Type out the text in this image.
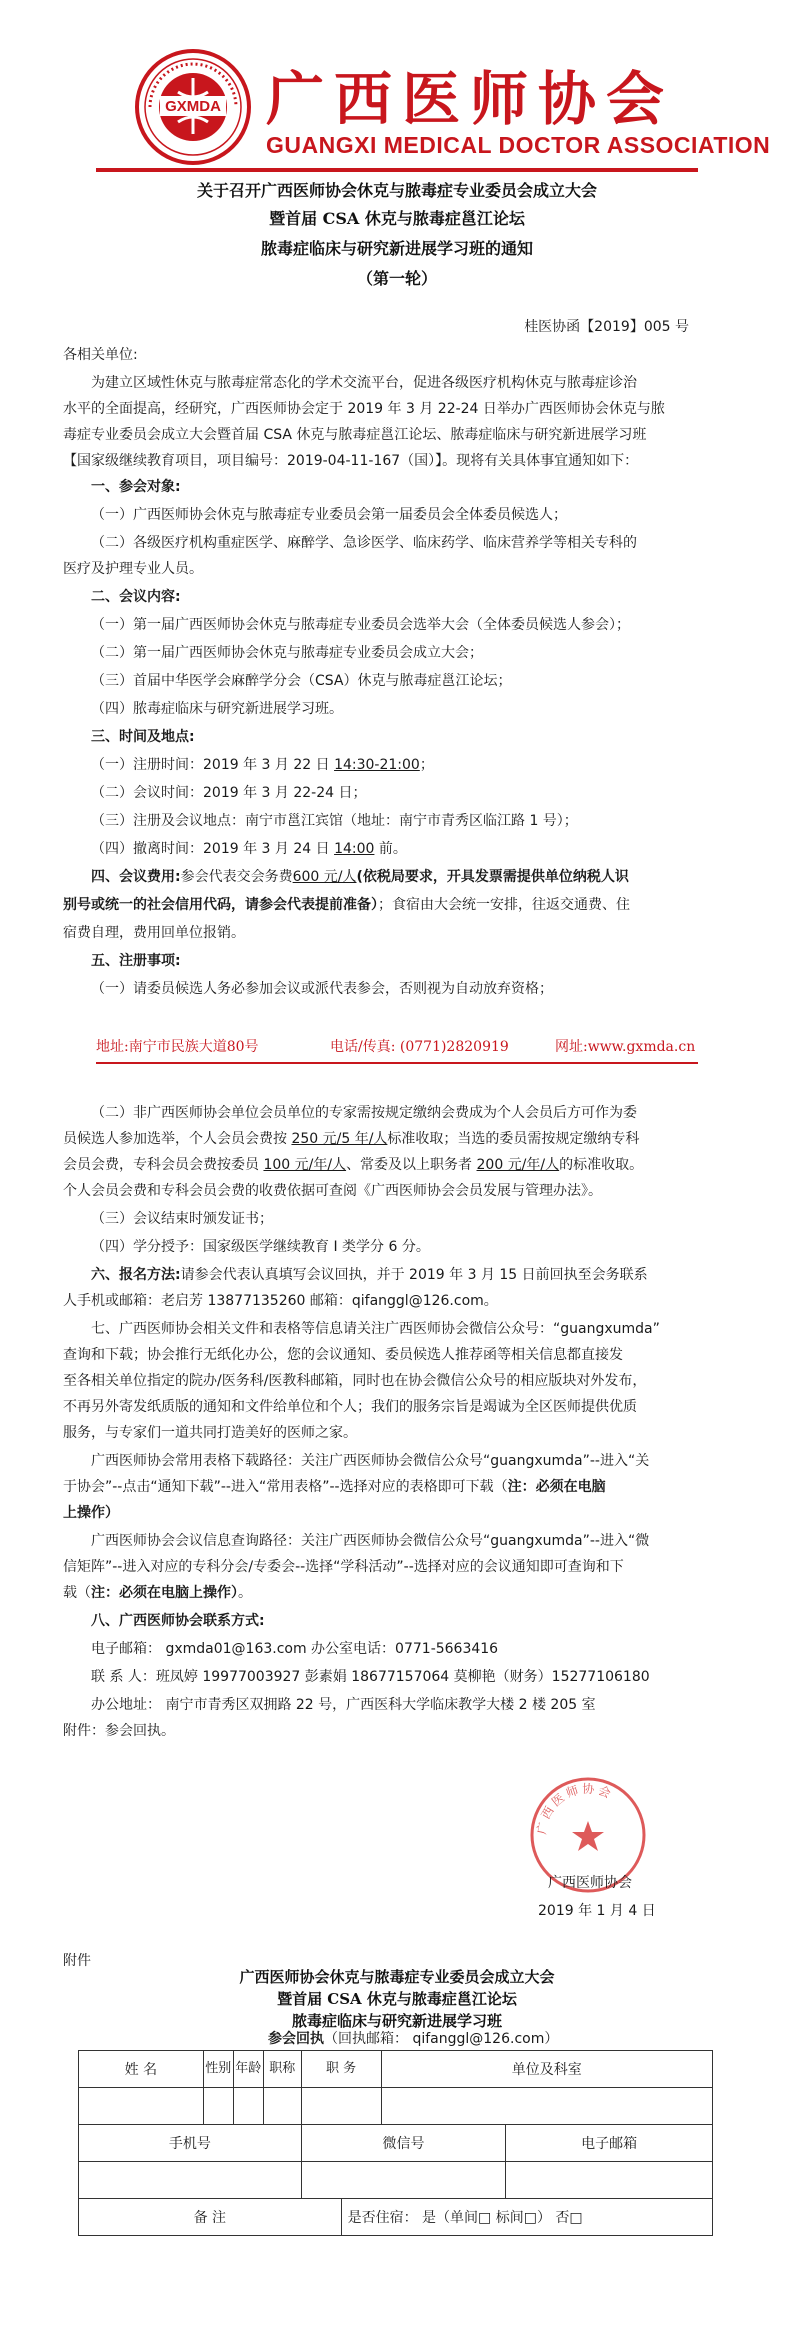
GXMDA 广西医师协会
GUANGXI MEDICAL DOCTOR ASSOCIATION
关于召开广西医师协会休克与脓毒症专业委员会成立大会
暨首届 CSA 休克与脓毒症邕江论坛
脓毒症临床与研究新进展学习班的通知
（第一轮）
桂医协函【2019】005 号
各相关单位:
为建立区域性休克与脓毒症常态化的学术交流平台，促进各级医疗机构休克与脓毒症诊治
水平的全面提高，经研究，广西医师协会定于 2019 年 3 月 22-24 日举办广西医师协会休克与脓
毒症专业委员会成立大会暨首届 CSA 休克与脓毒症邕江论坛、脓毒症临床与研究新进展学习班
【国家级继续教育项目，项目编号：2019-04-11-167（国）】。现将有关具体事宜通知如下：
一、参会对象:
（一）广西医师协会休克与脓毒症专业委员会第一届委员会全体委员候选人；
（二）各级医疗机构重症医学、麻醉学、急诊医学、临床药学、临床营养学等相关专科的
医疗及护理专业人员。
二、会议内容:
（一）第一届广西医师协会休克与脓毒症专业委员会选举大会（全体委员候选人参会）；
（二）第一届广西医师协会休克与脓毒症专业委员会成立大会；
（三）首届中华医学会麻醉学分会（CSA）休克与脓毒症邕江论坛；
（四）脓毒症临床与研究新进展学习班。
三、时间及地点:
（一）注册时间：2019 年 3 月 22 日 14:30-21:00；
（二）会议时间：2019 年 3 月 22-24 日；
（三）注册及会议地点：南宁市邕江宾馆（地址：南宁市青秀区临江路 1 号）；
（四）撤离时间：2019 年 3 月 24 日 14:00 前。
四、会议费用:参会代表交会务费600 元/人(依税局要求，开具发票需提供单位纳税人识
别号或统一的社会信用代码，请参会代表提前准备）；食宿由大会统一安排，往返交通费、住
宿费自理，费用回单位报销。
五、注册事项:
（一）请委员候选人务必参加会议或派代表参会，否则视为自动放弃资格；
地址:南宁市民族大道80号	电话/传真: (0771)2820919	网址:www.gxmda.cn
（二）非广西医师协会单位会员单位的专家需按规定缴纳会费成为个人会员后方可作为委
员候选人参加选举，个人会员会费按 250 元/5 年/人标准收取；当选的委员需按规定缴纳专科
会员会费，专科会员会费按委员 100 元/年/人、常委及以上职务者 200 元/年/人的标准收取。
个人会员会费和专科会员会费的收费依据可查阅《广西医师协会会员发展与管理办法》。
（三）会议结束时颁发证书；
（四）学分授予：国家级医学继续教育 I 类学分 6 分。
六、报名方法:请参会代表认真填写会议回执，并于 2019 年 3 月 15 日前回执至会务联系
人手机或邮箱：老启芳 13877135260 邮箱：qifanggl@126.com。
七、广西医师协会相关文件和表格等信息请关注广西医师协会微信公众号：“guangxumda”
查询和下载；协会推行无纸化办公，您的会议通知、委员候选人推荐函等相关信息都直接发
至各相关单位指定的院办/医务科/医教科邮箱，同时也在协会微信公众号的相应版块对外发布，
不再另外寄发纸质版的通知和文件给单位和个人；我们的服务宗旨是竭诚为全区医师提供优质
服务，与专家们一道共同打造美好的医师之家。
广西医师协会常用表格下载路径：关注广西医师协会微信公众号“guangxumda”--进入“关
于协会”--点击“通知下载”--进入“常用表格”--选择对应的表格即可下载（注：必须在电脑
上操作）
广西医师协会会议信息查询路径：关注广西医师协会微信公众号“guangxumda”--进入“微
信矩阵”--进入对应的专科分会/专委会--选择“学科活动”--选择对应的会议通知即可查询和下
载（注：必须在电脑上操作）。
八、广西医师协会联系方式:
电子邮箱： gxmda01@163.com 办公室电话：0771-5663416
联 系 人：班凤婷 19977003927 彭素娟 18677157064 莫柳艳（财务）15277106180
办公地址： 南宁市青秀区双拥路 22 号，广西医科大学临床教学大楼 2 楼 205 室
附件：参会回执。
广西医师协会
广西医师协会
2019 年 1 月 4 日
附件
广西医师协会休克与脓毒症专业委员会成立大会
暨首届 CSA 休克与脓毒症邕江论坛
脓毒症临床与研究新进展学习班
参会回执（回执邮箱： qifanggl@126.com）
姓 名	性别	年龄	职称	职 务		单位及科室	

手机号				微信号			电子邮箱

备 注					是否住宿： 是（单间□ 标间□） 否□		
